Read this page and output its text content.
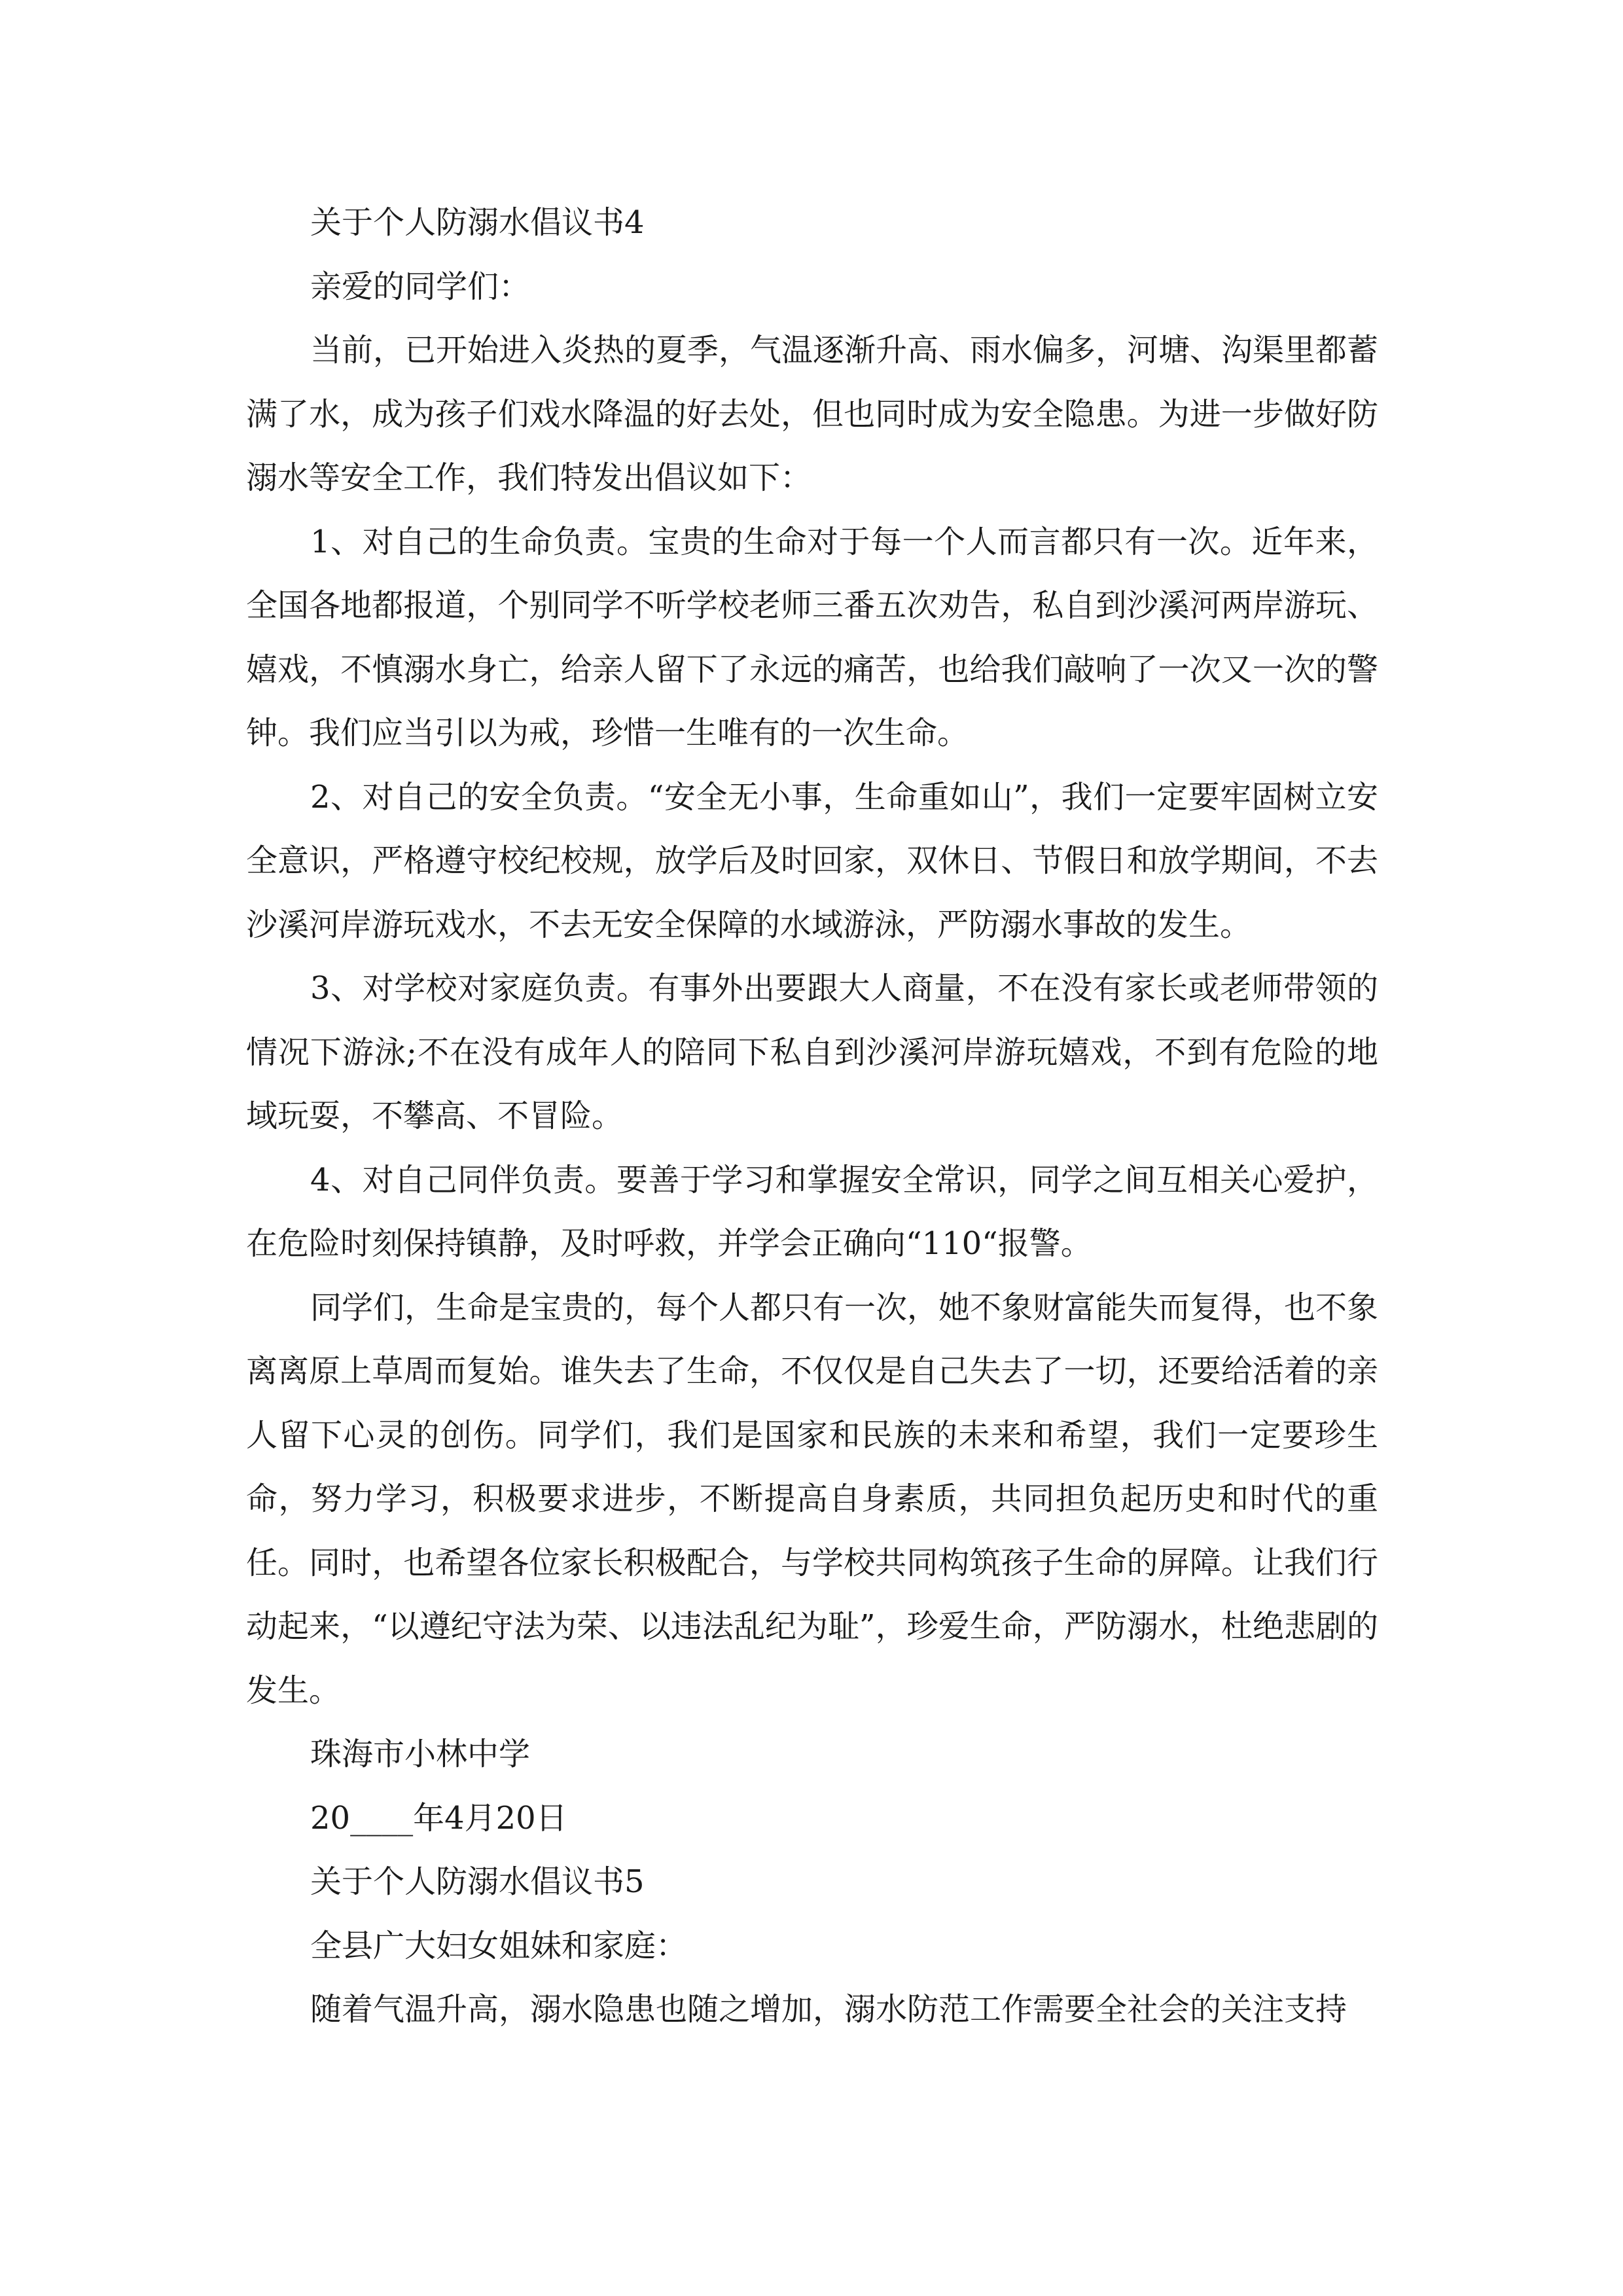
关于个人防溺水倡议书4

亲爱的同学们：

当前，已开始进入炎热的夏季，气温逐渐升高、雨水偏多，河塘、沟渠里都蓄满了水，成为孩子们戏水降温的好去处，但也同时成为安全隐患。为进一步做好防溺水等安全工作，我们特发出倡议如下：

1、对自己的生命负责。宝贵的生命对于每一个人而言都只有一次。近年来，全国各地都报道，个别同学不听学校老师三番五次劝告，私自到沙溪河两岸游玩、嬉戏，不慎溺水身亡，给亲人留下了永远的痛苦，也给我们敲响了一次又一次的警钟。我们应当引以为戒，珍惜一生唯有的一次生命。

2、对自己的安全负责。“安全无小事，生命重如山”，我们一定要牢固树立安全意识，严格遵守校纪校规，放学后及时回家，双休日、节假日和放学期间，不去沙溪河岸游玩戏水，不去无安全保障的水域游泳，严防溺水事故的发生。

3、对学校对家庭负责。有事外出要跟大人商量，不在没有家长或老师带领的情况下游泳;不在没有成年人的陪同下私自到沙溪河岸游玩嬉戏，不到有危险的地域玩耍，不攀高、不冒险。

4、对自己同伴负责。要善于学习和掌握安全常识，同学之间互相关心爱护，在危险时刻保持镇静，及时呼救，并学会正确向“110“报警。

同学们，生命是宝贵的，每个人都只有一次，她不象财富能失而复得，也不象离离原上草周而复始。谁失去了生命，不仅仅是自己失去了一切，还要给活着的亲人留下心灵的创伤。同学们，我们是国家和民族的未来和希望，我们一定要珍生命，努力学习，积极要求进步，不断提高自身素质，共同担负起历史和时代的重任。同时，也希望各位家长积极配合，与学校共同构筑孩子生命的屏障。让我们行动起来，“以遵纪守法为荣、以违法乱纪为耻”，珍爱生命，严防溺水，杜绝悲剧的发生。

珠海市小林中学

20____年4月20日

关于个人防溺水倡议书5

全县广大妇女姐妹和家庭：

随着气温升高，溺水隐患也随之增加，溺水防范工作需要全社会的关注支持
